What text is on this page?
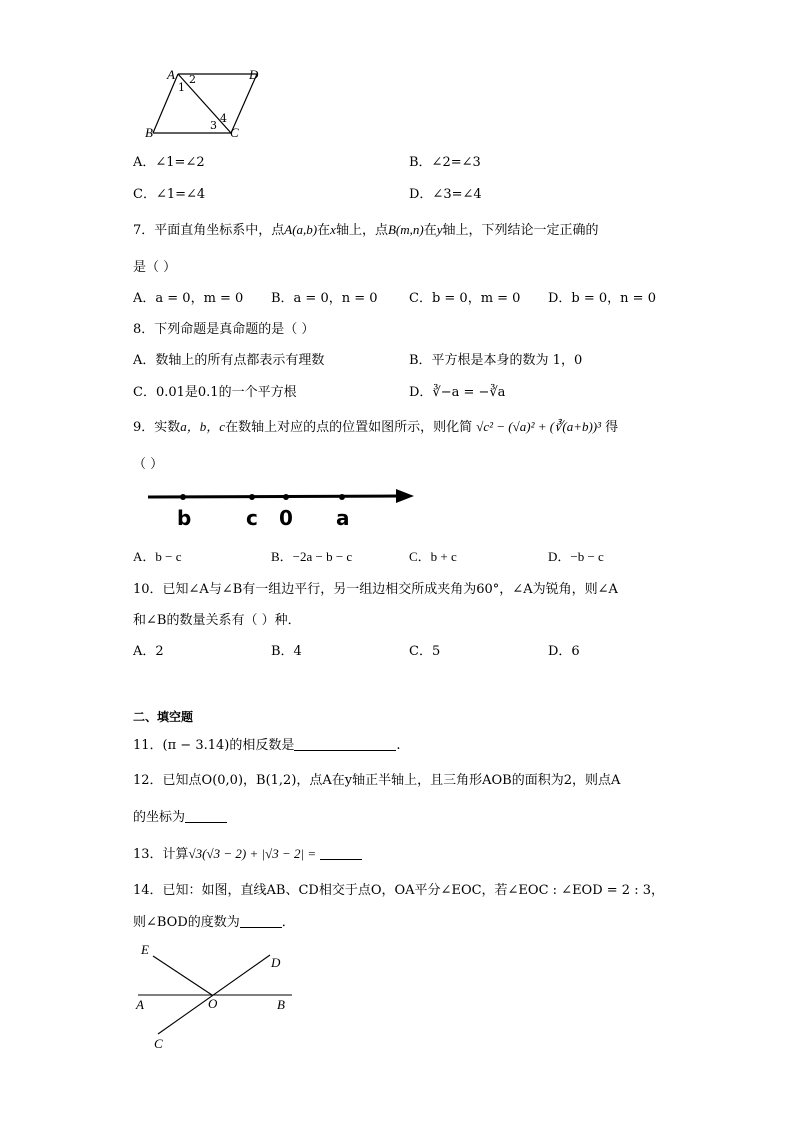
A	D
B	C
1
2
3
4
A．∠1=∠2	B．∠2=∠3
C．∠1=∠4	D．∠3=∠4
7．平面直角坐标系中，点A(a,b)在x轴上，点B(m,n)在y轴上，下列结论一定正确的
是（ ）
A．a = 0，m = 0 B．a = 0，n = 0 C．b = 0，m = 0 D．b = 0，n = 0
8．下列命题是真命题的是（ ）
A．数轴上的所有点都表示有理数	B．平方根是本身的数为 1，0
C．0.01是0.1的一个平方根	D．∛−a = −∛a
9．实数a，b，c在数轴上对应的点的位置如图所示，则化简 √c² − (√a)² + (∛(a+b))³ 得
（ ）
b	c 0 a
A．b − c	B．−2a − b − c	C．b + c	D．−b − c
10．已知∠A与∠B有一组边平行，另一组边相交所成夹角为60°，∠A为锐角，则∠A
和∠B的数量关系有（ ）种．
A．2	B．4	C．5	D．6
二、填空题
11．(π − 3.14)的相反数是	.
12．已知点O(0,0)，B(1,2)，点A在y轴正半轴上，且三角形AOB的面积为2，则点A
的坐标为
13．计算√3(√3 − 2) + |√3 − 2| =
14．已知：如图，直线AB、CD相交于点O，OA平分∠EOC，若∠EOC : ∠EOD = 2 : 3，
则∠BOD的度数为	．
E
D
A	O	B
C
